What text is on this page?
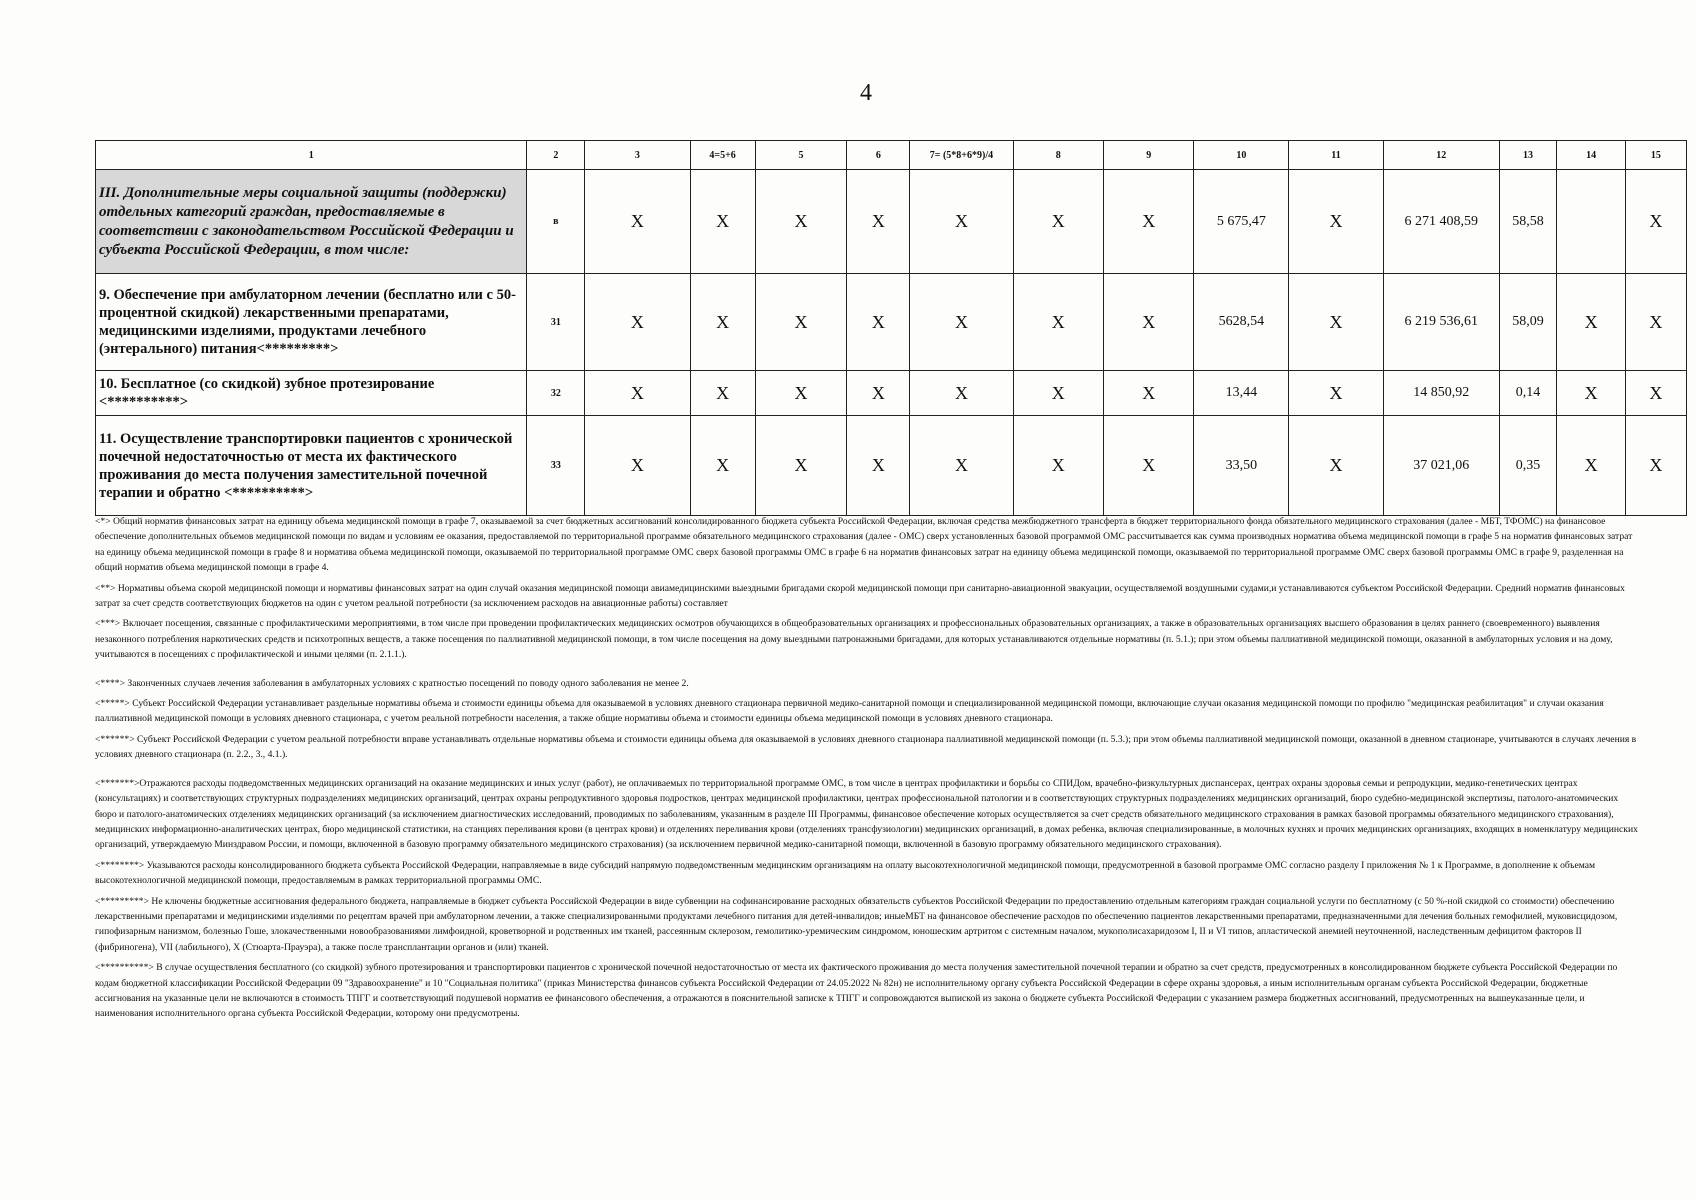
4
1	2	3	4=5+6	5	6	7= (5*8+6*9)/4	8	9	10	11	12	13	14	15
III. Дополнительные меры социальной защиты (поддержки) отдельных категорий граждан, предоставляемые в соответствии с законодательством Российской Федерации и субъекта Российской Федерации, в том числе:	в	X	X	X	X	X	X	X	5 675,47	X	6 271 408,59	58,58		X
9. Обеспечение при амбулаторном лечении (бесплатно или с 50-процентной скидкой) лекарственными препаратами, медицинскими изделиями, продуктами лечебного (энтерального) питания<*********>	31	X	X	X	X	X	X	X	5628,54	X	6 219 536,61	58,09	X	X
10. Бесплатное (со скидкой) зубное протезирование <**********>	32	X	X	X	X	X	X	X	13,44	X	14 850,92	0,14	X	X
11. Осуществление транспортировки пациентов с хронической почечной недостаточностью от места их фактического проживания до места получения заместительной почечной терапии и обратно <**********>	33	X	X	X	X	X	X	X	33,50	X	37 021,06	0,35	X	X

<*> Общий норматив финансовых затрат на единицу объема медицинской помощи в графе 7, оказываемой за счет бюджетных ассигнований консолидированного бюджета субъекта Российской Федерации, включая средства межбюджетного трансферта в бюджет территориального фонда обязательного медицинского страхования (далее - МБТ, ТФОМС) на финансовое обеспечение дополнительных объемов медицинской помощи по видам и условиям ее оказания, предоставляемой по территориальной программе обязательного медицинского страхования (далее - ОМС) сверх установленных базовой программой ОМС рассчитывается как сумма производных норматива объема медицинской помощи в графе 5 на норматив финансовых затрат на единицу объема медицинской помощи в графе 8 и норматива объема медицинской помощи, оказываемой по территориальной программе ОМС сверх базовой программы ОМС в графе 6 на норматив финансовых затрат на единицу объема медицинской помощи, оказываемой по территориальной программе ОМС сверх базовой программы ОМС в графе 9, разделенная на общий норматив объема медицинской помощи в графе 4.

<**> Нормативы объема скорой медицинской помощи и нормативы финансовых затрат на один случай оказания медицинской помощи авиамедицинскими выездными бригадами скорой медицинской помощи при санитарно-авиационной эвакуации, осуществляемой воздушными судами,и устанавливаются субъектом Российской Федерации. Средний норматив финансовых затрат за счет средств соответствующих бюджетов на один с учетом реальной потребности (за исключением расходов на авиационные работы) составляет

<***> Включает посещения, связанные с профилактическими мероприятиями, в том числе при проведении профилактических медицинских осмотров обучающихся в общеобразовательных организациях и профессиональных образовательных организациях, а также в образовательных организациях высшего образования в целях раннего (своевременного) выявления незаконного потребления наркотических средств и психотропных веществ, а также посещения по паллиативной медицинской помощи, в том числе посещения на дому выездными патронажными бригадами, для которых устанавливаются отдельные нормативы (п. 5.1.); при этом объемы паллиативной медицинской помощи, оказанной в амбулаторных условия и на дому, учитываются в посещениях с профилактической и иными целями (п. 2.1.1.).

<****> Законченных случаев лечения заболевания в амбулаторных условиях с кратностью посещений по поводу одного заболевания не менее 2.

<*****> Субъект Российской Федерации устанавливает раздельные нормативы объема и стоимости единицы объема для оказываемой в условиях дневного стационара первичной медико-санитарной помощи и специализированной медицинской помощи, включающие случаи оказания медицинской помощи по профилю "медицинская реабилитация" и случаи оказания паллиативной медицинской помощи в условиях дневного стационара, с учетом реальной потребности населения, а также общие нормативы объема и стоимости единицы объема медицинской помощи в условиях дневного стационара.

<******> Субъект Российской Федерации с учетом реальной потребности вправе устанавливать отдельные нормативы объема и стоимости единицы объема для оказываемой в условиях дневного стационара паллиативной медицинской помощи (п. 5.3.); при этом объемы паллиативной медицинской помощи, оказанной в дневном стационаре, учитываются в случаях лечения в условиях дневного стационара (п. 2.2., 3., 4.1.).

<*******>Отражаются расходы подведомственных медицинских организаций на оказание медицинских и иных услуг (работ), не оплачиваемых по территориальной программе ОМС, в том числе в центрах профилактики и борьбы со СПИДом, врачебно-физкультурных диспансерах, центрах охраны здоровья семьи и репродукции, медико-генетических центрах (консультациях) и соответствующих структурных подразделениях медицинских организаций, центрах охраны репродуктивного здоровья подростков, центрах медицинской профилактики, центрах профессиональной патологии и в соответствующих структурных подразделениях медицинских организаций, бюро судебно-медицинской экспертизы, патолого-анатомических бюро и патолого-анатомических отделениях медицинских организаций (за исключением диагностических исследований, проводимых по заболеваниям, указанным в разделе III Программы, финансовое обеспечение которых осуществляется за счет средств обязательного медицинского страхования в рамках базовой программы обязательного медицинского страхования), медицинских информационно-аналитических центрах, бюро медицинской статистики, на станциях переливания крови (в центрах крови) и отделениях переливания крови (отделениях трансфузиологии) медицинских организаций, в домах ребенка, включая специализированные, в молочных кухнях и прочих медицинских организациях, входящих в номенклатуру медицинских организаций, утверждаемую Минздравом России, и помощи, включенной в базовую программу обязательного медицинского страхования) (за исключением первичной медико-санитарной помощи, включенной в базовую программу обязательного медицинского страхования).

<********> Указываются расходы консолидированного бюджета субъекта Российской Федерации, направляемые в виде субсидий напрямую подведомственным медицинским организациям на оплату высокотехнологичной медицинской помощи, предусмотренной в базовой программе ОМС согласно разделу I приложения № 1 к Программе, в дополнение к объемам высокотехнологичной медицинской помощи, предоставляемым в рамках территориальной программы ОМС.

<*********> Не ключены бюджетные ассигнования федерального бюджета, направляемые в бюджет субъекта Российской Федерации в виде субвенции на софинансирование расходных обязательств субъектов Российской Федерации по предоставлению отдельным категориям граждан социальной услуги по бесплатному (с 50 %-ной скидкой со стоимости) обеспечению лекарственными препаратами и медицинскими изделиями по рецептам врачей при амбулаторном лечении, а также специализированными продуктами лечебного питания для детей-инвалидов; иныеМБТ на финансовое обеспечение расходов по обеспечению пациентов лекарственными препаратами, предназначенными для лечения больных гемофилией, муковисцидозом, гипофизарным нанизмом, болезнью Гоше, злокачественными новообразованиями лимфоидной, кроветворной и родственных им тканей, рассеянным склерозом, гемолитико-уремическим синдромом, юношеским артритом с системным началом, мукополисахаридозом I, II и VI типов, апластической анемией неуточненной, наследственным дефицитом факторов II (фибриногена), VII (лабильного), X (Стюарта-Прауэра), а также после трансплантации органов и (или) тканей.

<**********> В случае осуществления бесплатного (со скидкой) зубного протезирования и транспортировки пациентов с хронической почечной недостаточностью от места их фактического проживания до места получения заместительной почечной терапии и обратно за счет средств, предусмотренных в консолидированном бюджете субъекта Российской Федерации по кодам бюджетной классификации Российской Федерации 09 "Здравоохранение" и 10 "Социальная политика" (приказ Министерства финансов субъекта Российской Федерации от 24.05.2022 № 82н) не исполнительному органу субъекта Российской Федерации в сфере охраны здоровья, а иным исполнительным органам субъекта Российской Федерации, бюджетные ассигнования на указанные цели не включаются в стоимость ТПГГ и соответствующий подушевой норматив ее финансового обеспечения, а отражаются в пояснительной записке к ТПГГ и сопровождаются выпиской из закона о бюджете субъекта Российской Федерации с указанием размера бюджетных ассигнований, предусмотренных на вышеуказанные цели, и наименования исполнительного органа субъекта Российской Федерации, которому они предусмотрены.
